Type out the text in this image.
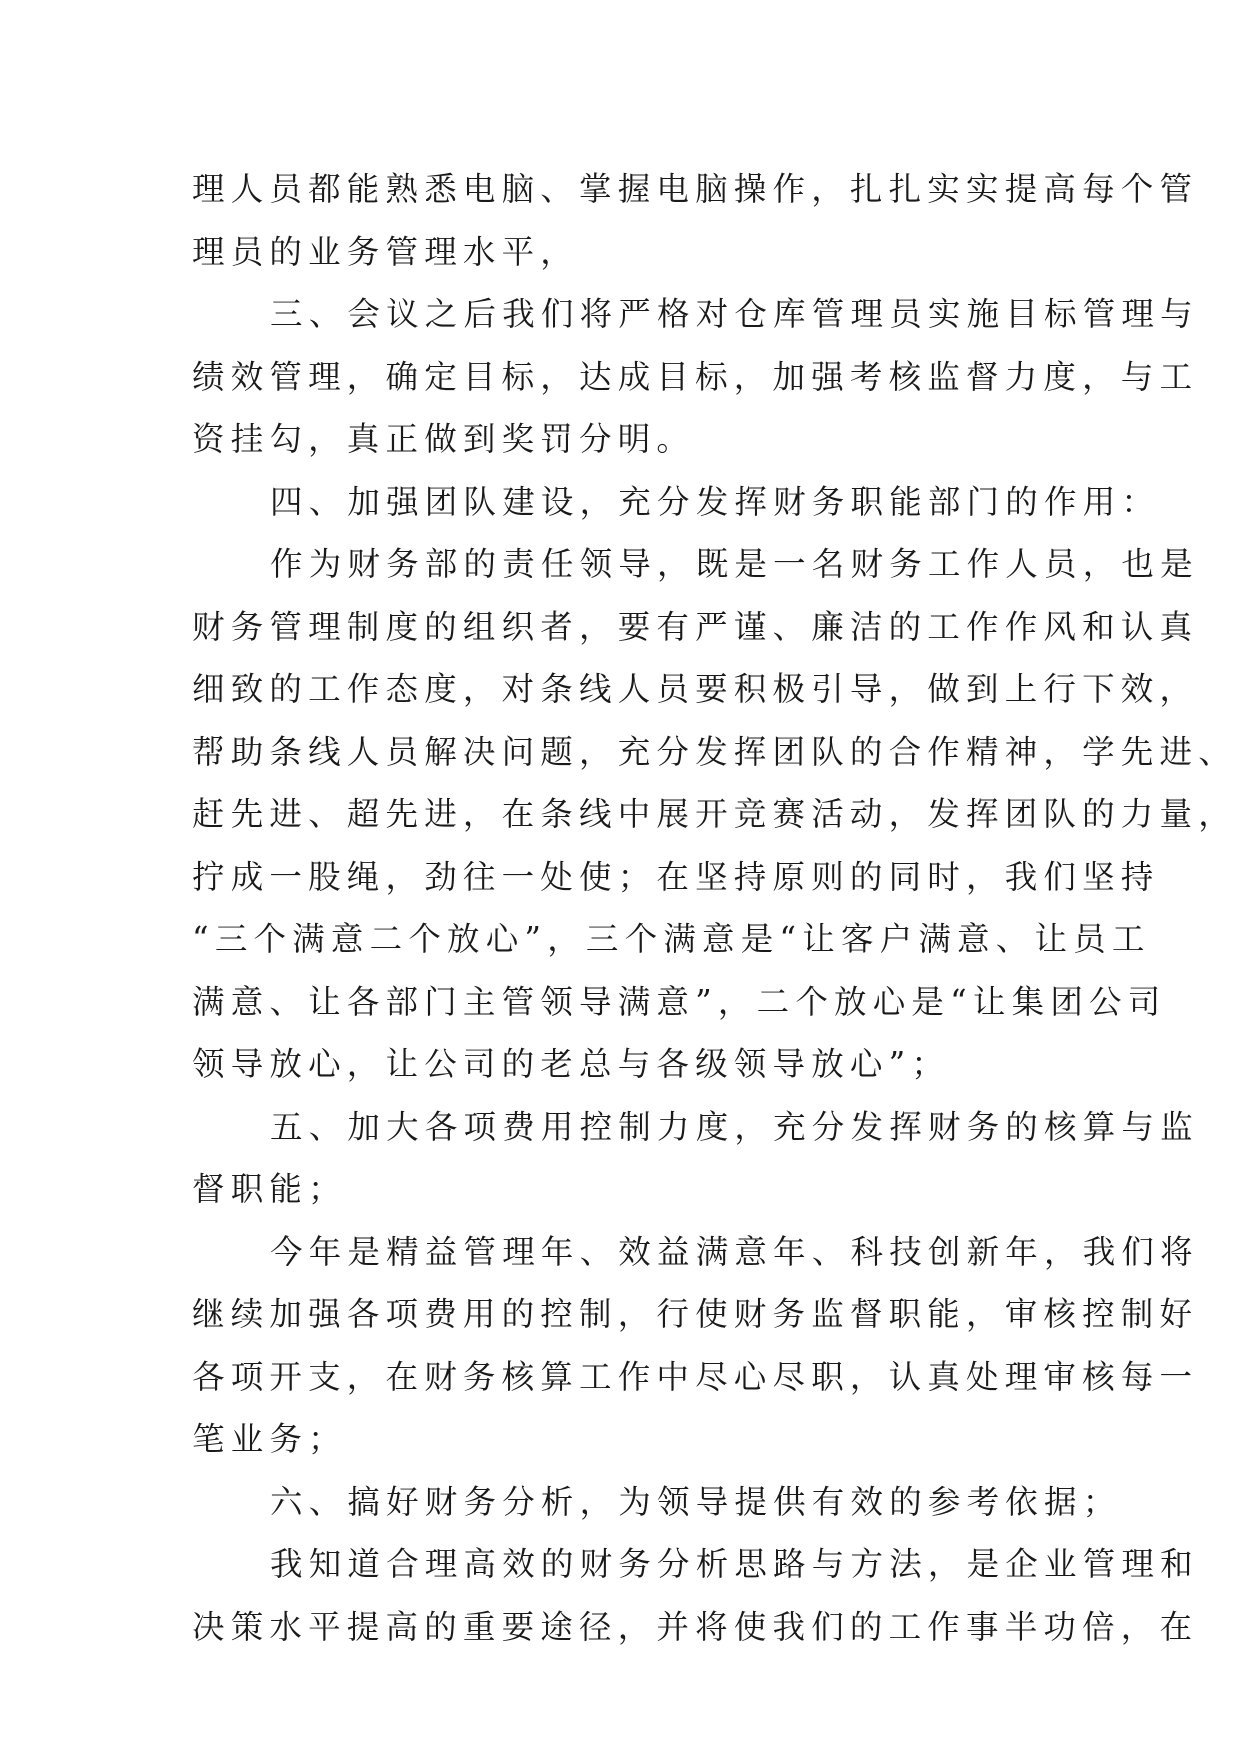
理人员都能熟悉电脑、掌握电脑操作，扎扎实实提高每个管
理员的业务管理水平，
三、会议之后我们将严格对仓库管理员实施目标管理与
绩效管理，确定目标，达成目标，加强考核监督力度，与工
资挂勾，真正做到奖罚分明。
四、加强团队建设，充分发挥财务职能部门的作用：
作为财务部的责任领导，既是一名财务工作人员，也是
财务管理制度的组织者，要有严谨、廉洁的工作作风和认真
细致的工作态度，对条线人员要积极引导，做到上行下效，
帮助条线人员解决问题，充分发挥团队的合作精神，学先进、
赶先进、超先进，在条线中展开竞赛活动，发挥团队的力量，
拧成一股绳，劲往一处使；在坚持原则的同时，我们坚持
“三个满意二个放心”，三个满意是“让客户满意、让员工
满意、让各部门主管领导满意”，二个放心是“让集团公司
领导放心，让公司的老总与各级领导放心”；
五、加大各项费用控制力度，充分发挥财务的核算与监
督职能；
今年是精益管理年、效益满意年、科技创新年，我们将
继续加强各项费用的控制，行使财务监督职能，审核控制好
各项开支，在财务核算工作中尽心尽职，认真处理审核每一
笔业务；
六、搞好财务分析，为领导提供有效的参考依据；
我知道合理高效的财务分析思路与方法，是企业管理和
决策水平提高的重要途径，并将使我们的工作事半功倍，在
